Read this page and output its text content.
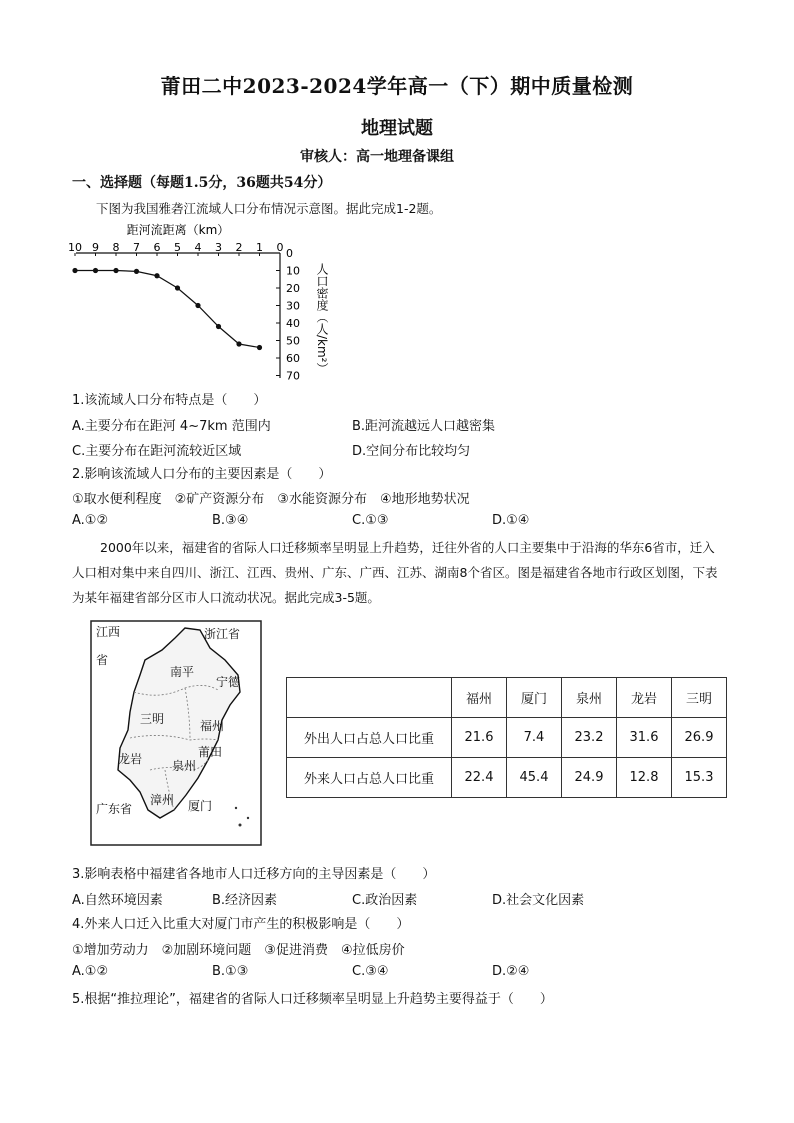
莆田二中2023-2024学年高一（下）期中质量检测
地理试题
审核人：高一地理备课组
一、选择题（每题1.5分，36题共54分）
下图为我国雅砻江流域人口分布情况示意图。据此完成1-2题。
距河流距离（km）
10 9 8 7 6 5 4 3 2 1 0 0
10
20
30
40
50
60
70
人口密度（人/km²）
1.该流域人口分布特点是（　　）
A.主要分布在距河 4~7km 范围内	B.距河流越远人口越密集
C.主要分布在距河流较近区域	D.空间分布比较均匀
2.影响该流域人口分布的主要因素是（　　）
①取水便利程度　②矿产资源分布　③水能资源分布　④地形地势状况
A.①②	B.③④	C.①③	D.①④
2000年以来，福建省的省际人口迁移频率呈明显上升趋势，迁往外省的人口主要集中于沿海的华东6省市，迁入人口相对集中来自四川、浙江、江西、贵州、广东、广西、江苏、湖南8个省区。图是福建省各地市行政区划图，下表为某年福建省部分区市人口流动状况。据此完成3-5题。
江西
省
浙江省
南平
宁德
三明	福州
莆田
龙岩 泉州
漳州
广东省	厦门
	福州	厦门	泉州	龙岩	三明
外出人口占总人口比重	21.6	7.4	23.2	31.6	26.9
外来人口占总人口比重	22.4	45.4	24.9	12.8	15.3
3.影响表格中福建省各地市人口迁移方向的主导因素是（　　）
A.自然环境因素	B.经济因素	C.政治因素	D.社会文化因素
4.外来人口迁入比重大对厦门市产生的积极影响是（　　）
①增加劳动力　②加剧环境问题　③促进消费　④拉低房价
A.①②	B.①③	C.③④	D.②④
5.根据“推拉理论”，福建省的省际人口迁移频率呈明显上升趋势主要得益于（　　）
